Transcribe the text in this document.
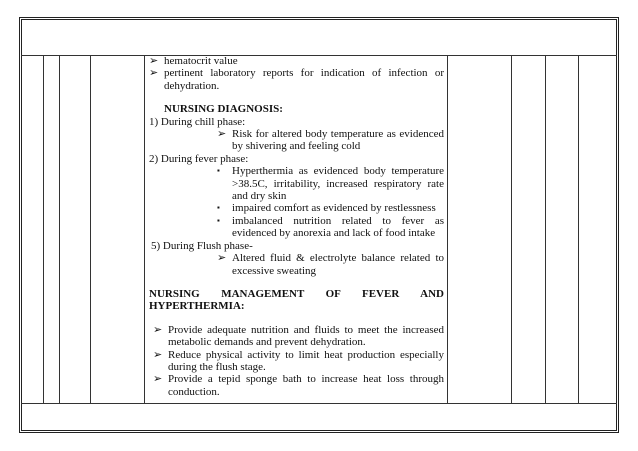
➢ hematocrit value
➢ pertinent laboratory reports for indication of infection or dehydration.
NURSING DIAGNOSIS:
1) During chill phase:
➢ Risk for altered body temperature as evidenced by shivering and feeling cold
2) During fever phase:
▪ Hyperthermia as evidenced body temperature >38.5C, irritability, increased respiratory rate and dry skin
▪ impaired comfort as evidenced by restlessness
▪ imbalanced nutrition related to fever as evidenced by anorexia and lack of food intake
5) During Flush phase-
➢ Altered fluid & electrolyte balance related to excessive sweating
NURSING MANAGEMENT OF FEVER AND
HYPERTHERMIA:
➢ Provide adequate nutrition and fluids to meet the increased metabolic demands and prevent dehydration.
➢ Reduce physical activity to limit heat production especially during the flush stage.
➢ Provide a tepid sponge bath to increase heat loss through conduction.
